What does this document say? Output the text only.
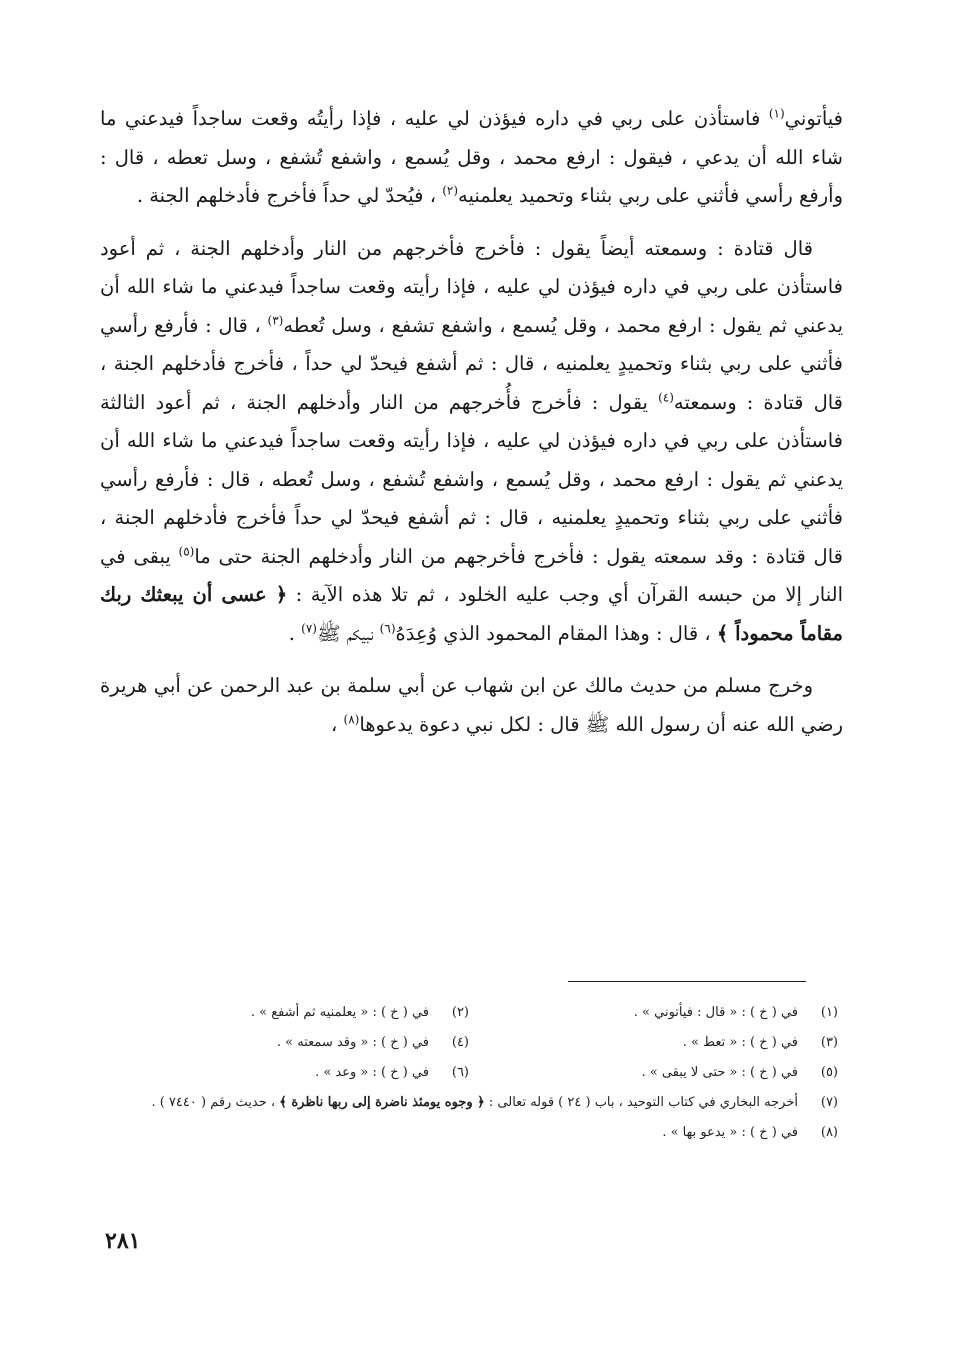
فيأتوني$^{(١)}$ فاستأذن على ربي في داره فيؤذن لي عليه ، فإذا رأيتُه وقعت ساجداً فيدعني ما شاء الله أن يدعي ، فيقول : ارفع محمد ، وقل يُسمع ، واشفع تُشفع ، وسل تعطه ، قال : وأرفع رأسي فأثني على ربي بثناء وتحميد يعلمنيه$^{(٢)}$ ، فيُحدّ لي حداً فأخرج فأدخلهم الجنة .

قال قتادة : وسمعته أيضاً يقول : فأخرج فأخرجهم من النار وأدخلهم الجنة ، ثم أعود فاستأذن على ربي في داره فيؤذن لي عليه ، فإذا رأيته وقعت ساجداً فيدعني ما شاء الله أن يدعني ثم يقول : ارفع محمد ، وقل يُسمع ، واشفع تشفع ، وسل تُعطه$^{(٣)}$ ، قال : فأرفع رأسي فأثني على ربي بثناء وتحميدٍ يعلمنيه ، قال : ثم أشفع فيحدّ لي حداً ، فأخرج فأدخلهم الجنة ، قال قتادة : وسمعته$^{(٤)}$ يقول : فأخرج فأُخرجهم من النار وأدخلهم الجنة ، ثم أعود الثالثة فاستأذن على ربي في داره فيؤذن لي عليه ، فإذا رأيته وقعت ساجداً فيدعني ما شاء الله أن يدعني ثم يقول : ارفع محمد ، وقل يُسمع ، واشفع تُشفع ، وسل تُعطه ، قال : فأرفع رأسي فأثني على ربي بثناء وتحميدٍ يعلمنيه ، قال : ثم أشفع فيحدّ لي حداً فأخرج فأدخلهم الجنة ، قال قتادة : وقد سمعته يقول : فأخرج فأخرجهم من النار وأدخلهم الجنة حتى ما$^{(٥)}$ يبقى في النار إلا من حبسه القرآن أي وجب عليه الخلود ، ثم تلا هذه الآية : ﴿ عسى أن يبعثك ربك مقاماً محموداً ﴾ ، قال : وهذا المقام المحمود الذي وُعِدَهُ$^{(٦)}$ نبيكم ﷺ$^{(٧)}$ .

وخرج مسلم من حديث مالك عن ابن شهاب عن أبي سلمة بن عبد الرحمن عن أبي هريرة رضي الله عنه أن رسول الله ﷺ قال : لكل نبي دعوة يدعوها$^{(٨)}$ ،

(١)
في ( خ ) : « قال : فيأتوني » .
(٢)
في ( خ ) : « يعلمنيه ثم أشفع » .
(٣)
في ( خ ) : « تعط » .
(٤)
في ( خ ) : « وقد سمعته » .
(٥)
في ( خ ) : « حتى لا يبقى » .
(٦)
في ( خ ) : « وعد » .
(٧)
أخرجه البخاري في كتاب التوحيد ، باب ( ٢٤ ) قوله تعالى : ﴿ وجوه يومئذ ناضرة إلى ربها ناظرة ﴾ ، حديث رقم ( ٧٤٤٠ ) .
(٨)
في ( خ ) : « يدعو بها » .
٢٨١
